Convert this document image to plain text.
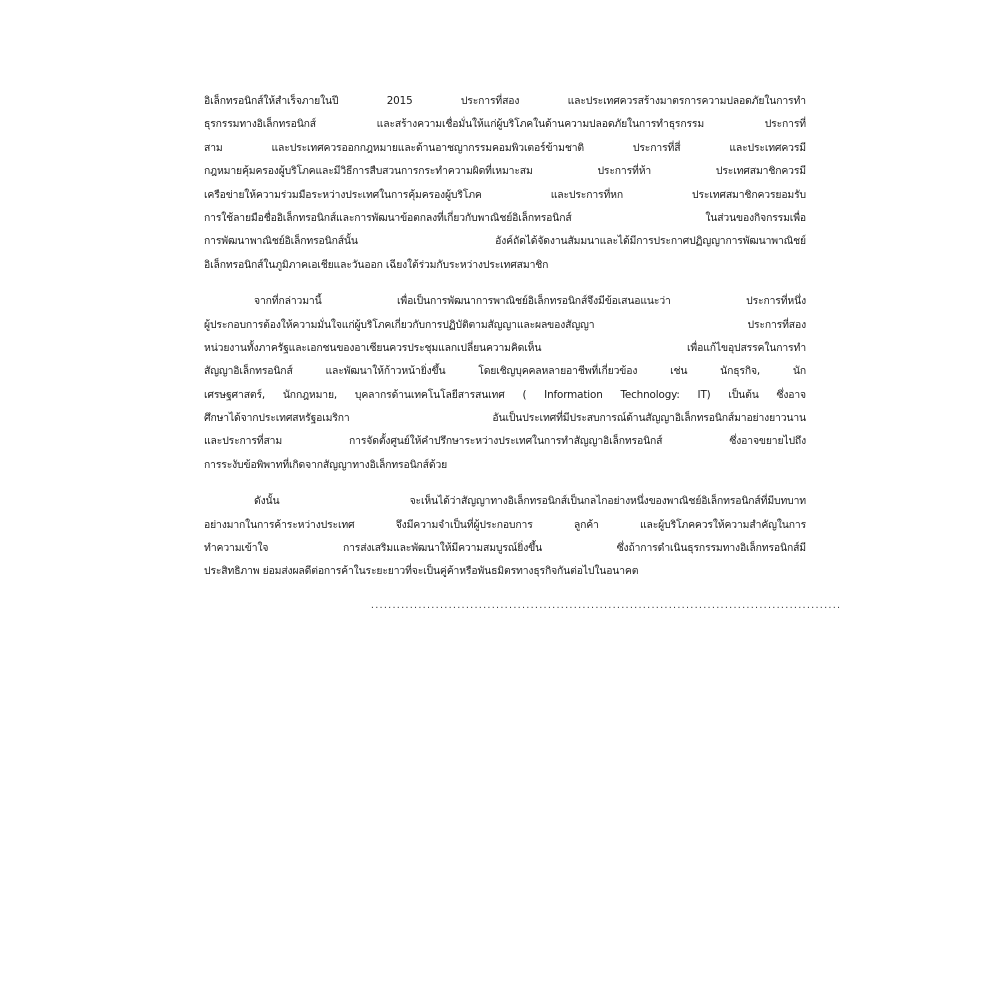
อิเล็กทรอนิกส์ให้สำเร็จภายในปี 2015 ประการที่สอง และประเทศควรสร้างมาตรการความปลอดภัยในการทำ
ธุรกรรมทางอิเล็กทรอนิกส์ และสร้างความเชื่อมั่นให้แก่ผู้บริโภคในด้านความปลอดภัยในการทำธุรกรรม ประการที่
สาม และประเทศควรออกกฎหมายและด้านอาชญากรรมคอมพิวเตอร์ข้ามชาติ ประการที่สี่ และประเทศควรมี
กฎหมายคุ้มครองผู้บริโภคและมีวิธีการสืบสวนการกระทำความผิดที่เหมาะสม ประการที่ห้า ประเทศสมาชิกควรมี
เครือข่ายให้ความร่วมมือระหว่างประเทศในการคุ้มครองผู้บริโภค และประการที่หก ประเทศสมาชิกควรยอมรับ
การใช้ลายมือชื่ออิเล็กทรอนิกส์และการพัฒนาข้อตกลงที่เกี่ยวกับพาณิชย์อิเล็กทรอนิกส์ ในส่วนของกิจกรรมเพื่อ
การพัฒนาพาณิชย์อิเล็กทรอนิกส์นั้น อังค์ถัดได้จัดงานสัมมนาและได้มีการประกาศปฏิญญาการพัฒนาพาณิชย์
อิเล็กทรอนิกส์ในภูมิภาคเอเชียและวันออก เฉียงใต้ร่วมกับระหว่างประเทศสมาชิก
จากที่กล่าวมานี้ เพื่อเป็นการพัฒนาการพาณิชย์อิเล็กทรอนิกส์จึงมีข้อเสนอแนะว่า ประการที่หนึ่ง
ผู้ประกอบการต้องให้ความมั่นใจแก่ผู้บริโภคเกี่ยวกับการปฏิบัติตามสัญญาและผลของสัญญา ประการที่สอง
หน่วยงานทั้งภาครัฐและเอกชนของอาเซียนควรประชุมแลกเปลี่ยนความคิดเห็น เพื่อแก้ไขอุปสรรคในการทำ
สัญญาอิเล็กทรอนิกส์ และพัฒนาให้ก้าวหน้ายิ่งขึ้น โดยเชิญบุคคลหลายอาชีพที่เกี่ยวข้อง เช่น นักธุรกิจ, นัก
เศรษฐศาสตร์, นักกฎหมาย, บุคลากรด้านเทคโนโลยีสารสนเทศ ( Information Technology: IT) เป็นต้น ซึ่งอาจ
ศึกษาได้จากประเทศสหรัฐอเมริกา อันเป็นประเทศที่มีประสบการณ์ด้านสัญญาอิเล็กทรอนิกส์มาอย่างยาวนาน
และประการที่สาม การจัดตั้งศูนย์ให้คำปรึกษาระหว่างประเทศในการทำสัญญาอิเล็กทรอนิกส์ ซึ่งอาจขยายไปถึง
การระงับข้อพิพาทที่เกิดจากสัญญาทางอิเล็กทรอนิกส์ด้วย
ดังนั้น จะเห็นได้ว่าสัญญาทางอิเล็กทรอนิกส์เป็นกลไกอย่างหนึ่งของพาณิชย์อิเล็กทรอนิกส์ที่มีบทบาท
อย่างมากในการค้าระหว่างประเทศ จึงมีความจำเป็นที่ผู้ประกอบการ ลูกค้า และผู้บริโภคควรให้ความสำคัญในการ
ทำความเข้าใจ การส่งเสริมและพัฒนาให้มีความสมบูรณ์ยิ่งขึ้น ซึ่งถ้าการดำเนินธุรกรรมทางอิเล็กทรอนิกส์มี
ประสิทธิภาพ ย่อมส่งผลดีต่อการค้าในระยะยาวที่จะเป็นคู่ค้าหรือพันธมิตรทางธุรกิจกันต่อไปในอนาคต
.............................................................................................................
